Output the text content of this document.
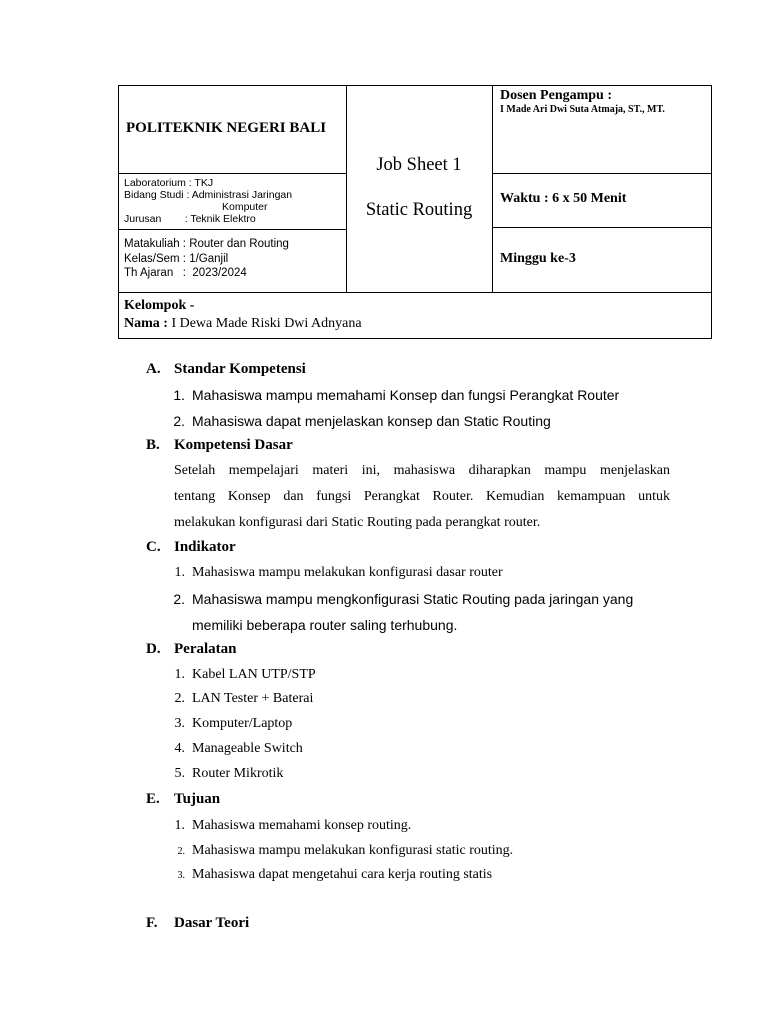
POLITEKNIK NEGERI BALI
Laboratorium : TKJ
Bidang Studi : Administrasi Jaringan
Komputer
Jurusan        : Teknik Elektro
Matakuliah : Router dan Routing
Kelas/Sem : 1/Ganjil
Th Ajaran   :  2023/2024
Job Sheet 1
Static Routing
Dosen Pengampu :
I Made Ari Dwi Suta Atmaja, ST., MT.
Waktu : 6 x 50 Menit
Minggu ke-3
Kelompok -
Nama : I Dewa Made Riski Dwi Adnyana
A. Standar Kompetensi
1. Mahasiswa mampu memahami Konsep dan fungsi Perangkat Router
2. Mahasiswa dapat menjelaskan konsep dan Static Routing
B. Kompetensi Dasar
Setelah mempelajari materi ini, mahasiswa diharapkan mampu menjelaskan
tentang Konsep dan fungsi Perangkat Router. Kemudian kemampuan untuk
melakukan konfigurasi dari Static Routing pada perangkat router.
C. Indikator
1. Mahasiswa mampu melakukan konfigurasi dasar router
2. Mahasiswa mampu mengkonfigurasi Static Routing pada jaringan yang
memiliki beberapa router saling terhubung.
D. Peralatan
1. Kabel LAN UTP/STP
2. LAN Tester + Baterai
3. Komputer/Laptop
4. Manageable Switch
5. Router Mikrotik
E. Tujuan
1. Mahasiswa memahami konsep routing.
2. Mahasiswa mampu melakukan konfigurasi static routing.
3. Mahasiswa dapat mengetahui cara kerja routing statis
F. Dasar Teori
